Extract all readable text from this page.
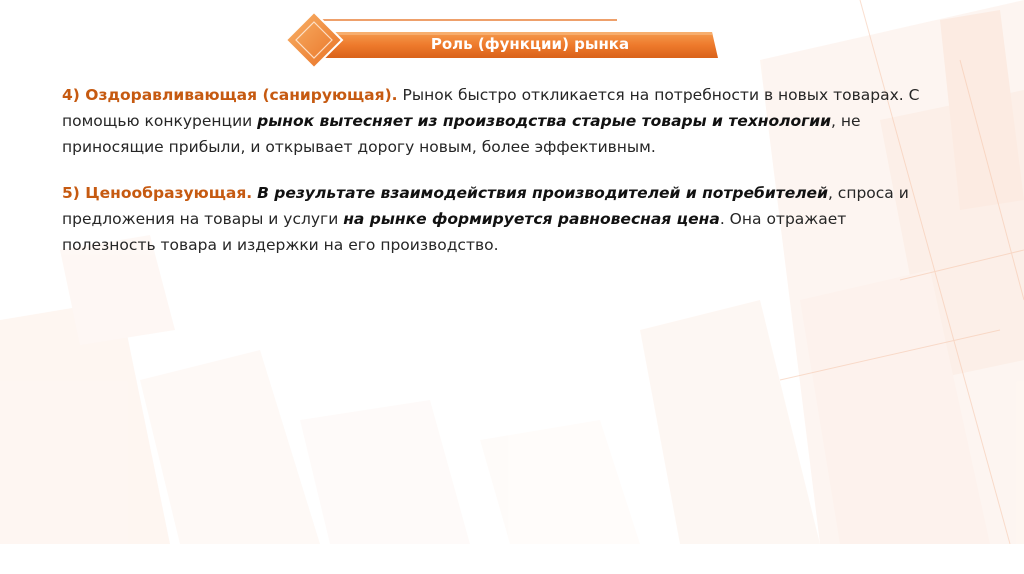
Роль (функции) рынка

4) Оздоравливающая (санирующая). Рынок быстро откликается на потребности в новых товарах. С помощью конкуренции рынок вытесняет из производства старые товары и технологии, не приносящие прибыли, и открывает дорогу новым, более эффективным.

5) Ценообразующая. В результате взаимодействия производителей и потребителей, спроса и предложения на товары и услуги на рынке формируется равновесная цена. Она отражает полезность товара и издержки на его производство.
